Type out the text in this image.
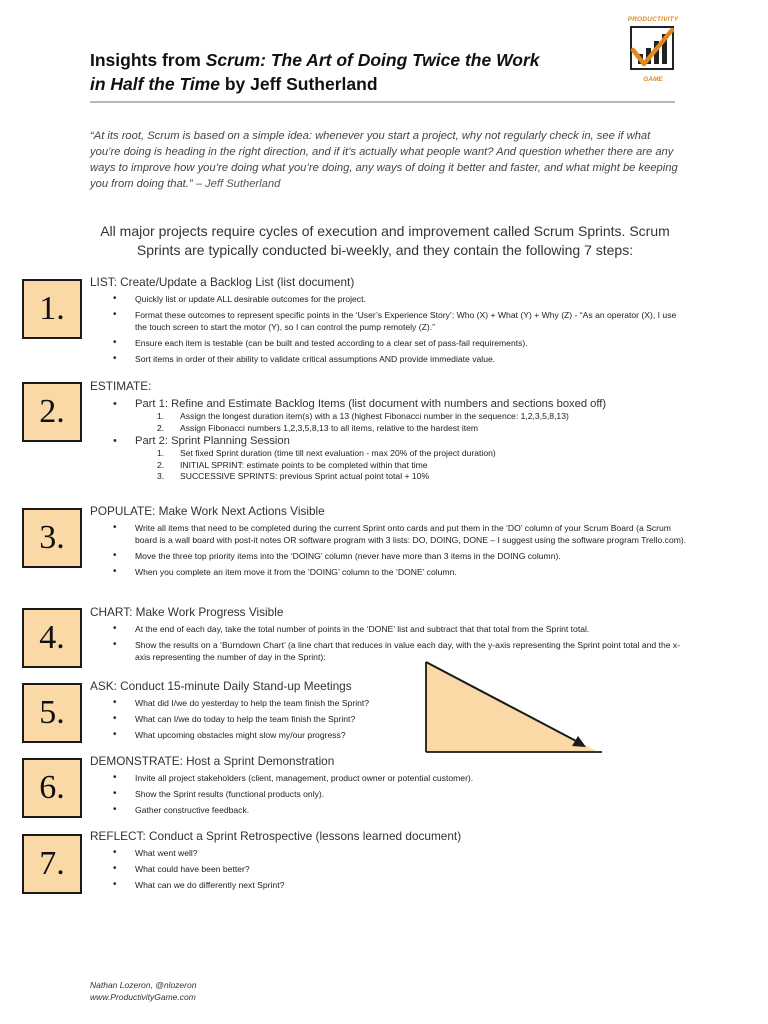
Insights from Scrum: The Art of Doing Twice the Work
in Half the Time by Jeff Sutherland
PRODUCTIVITY
GAME
“At its root, Scrum is based on a simple idea: whenever you start a project, why not regularly check in, see if what you’re doing is heading in the right direction, and if it’s actually what people want? And question whether there are any ways to improve how you’re doing what you’re doing, any ways of doing it better and faster, and what might be keeping you from doing that.” – Jeff Sutherland
All major projects require cycles of execution and improvement called Scrum Sprints. Scrum Sprints are typically conducted bi-weekly, and they contain the following 7 steps:
1.
2.
3.
4.
5.
6.
7.
LIST: Create/Update a Backlog List (list document)
• Quickly list or update ALL desirable outcomes for the project.
• Format these outcomes to represent specific points in the ‘User’s Experience Story’: Who (X) + What (Y) + Why (Z) - “As an operator (X), I use the touch screen to start the motor (Y), so I can control the pump remotely (Z).”
• Ensure each item is testable (can be built and tested according to a clear set of pass-fail requirements).
• Sort items in order of their ability to validate critical assumptions AND provide immediate value.
ESTIMATE:
• Part 1: Refine and Estimate Backlog Items (list document with numbers and sections boxed off)
1. Assign the longest duration item(s) with a 13 (highest Fibonacci number in the sequence: 1,2,3,5,8,13)
2. Assign Fibonacci numbers 1,2,3,5,8,13 to all items, relative to the hardest item
• Part 2: Sprint Planning Session
1. Set fixed Sprint duration (time till next evaluation - max 20% of the project duration)
2. INITIAL SPRINT: estimate points to be completed within that time
3. SUCCESSIVE SPRINTS: previous Sprint actual point total + 10%
POPULATE: Make Work Next Actions Visible
• Write all items that need to be completed during the current Sprint onto cards and put them in the ‘DO’ column of your Scrum Board (a Scrum board is a wall board with post-it notes OR software program with 3 lists: DO, DOING, DONE – I suggest using the software program Trello.com).
• Move the three top priority items into the ‘DOING’ column (never have more than 3 items in the DOING column).
• When you complete an item move it from the ‘DOING’ column to the ‘DONE’ column.
CHART: Make Work Progress Visible
• At the end of each day, take the total number of points in the ‘DONE’ list and subtract that that total from the Sprint total.
• Show the results on a ‘Burndown Chart’ (a line chart that reduces in value each day, with the y-axis representing the Sprint point total and the x-axis representing the number of day in the Sprint):
ASK: Conduct 15-minute Daily Stand-up Meetings
• What did I/we do yesterday to help the team finish the Sprint?
• What can I/we do today to help the team finish the Sprint?
• What upcoming obstacles might slow my/our progress?
DEMONSTRATE: Host a Sprint Demonstration
• Invite all project stakeholders (client, management, product owner or potential customer).
• Show the Sprint results (functional products only).
• Gather constructive feedback.
REFLECT: Conduct a Sprint Retrospective (lessons learned document)
• What went well?
• What could have been better?
• What can we do differently next Sprint?
Nathan Lozeron, @nlozeron
www.ProductivityGame.com
